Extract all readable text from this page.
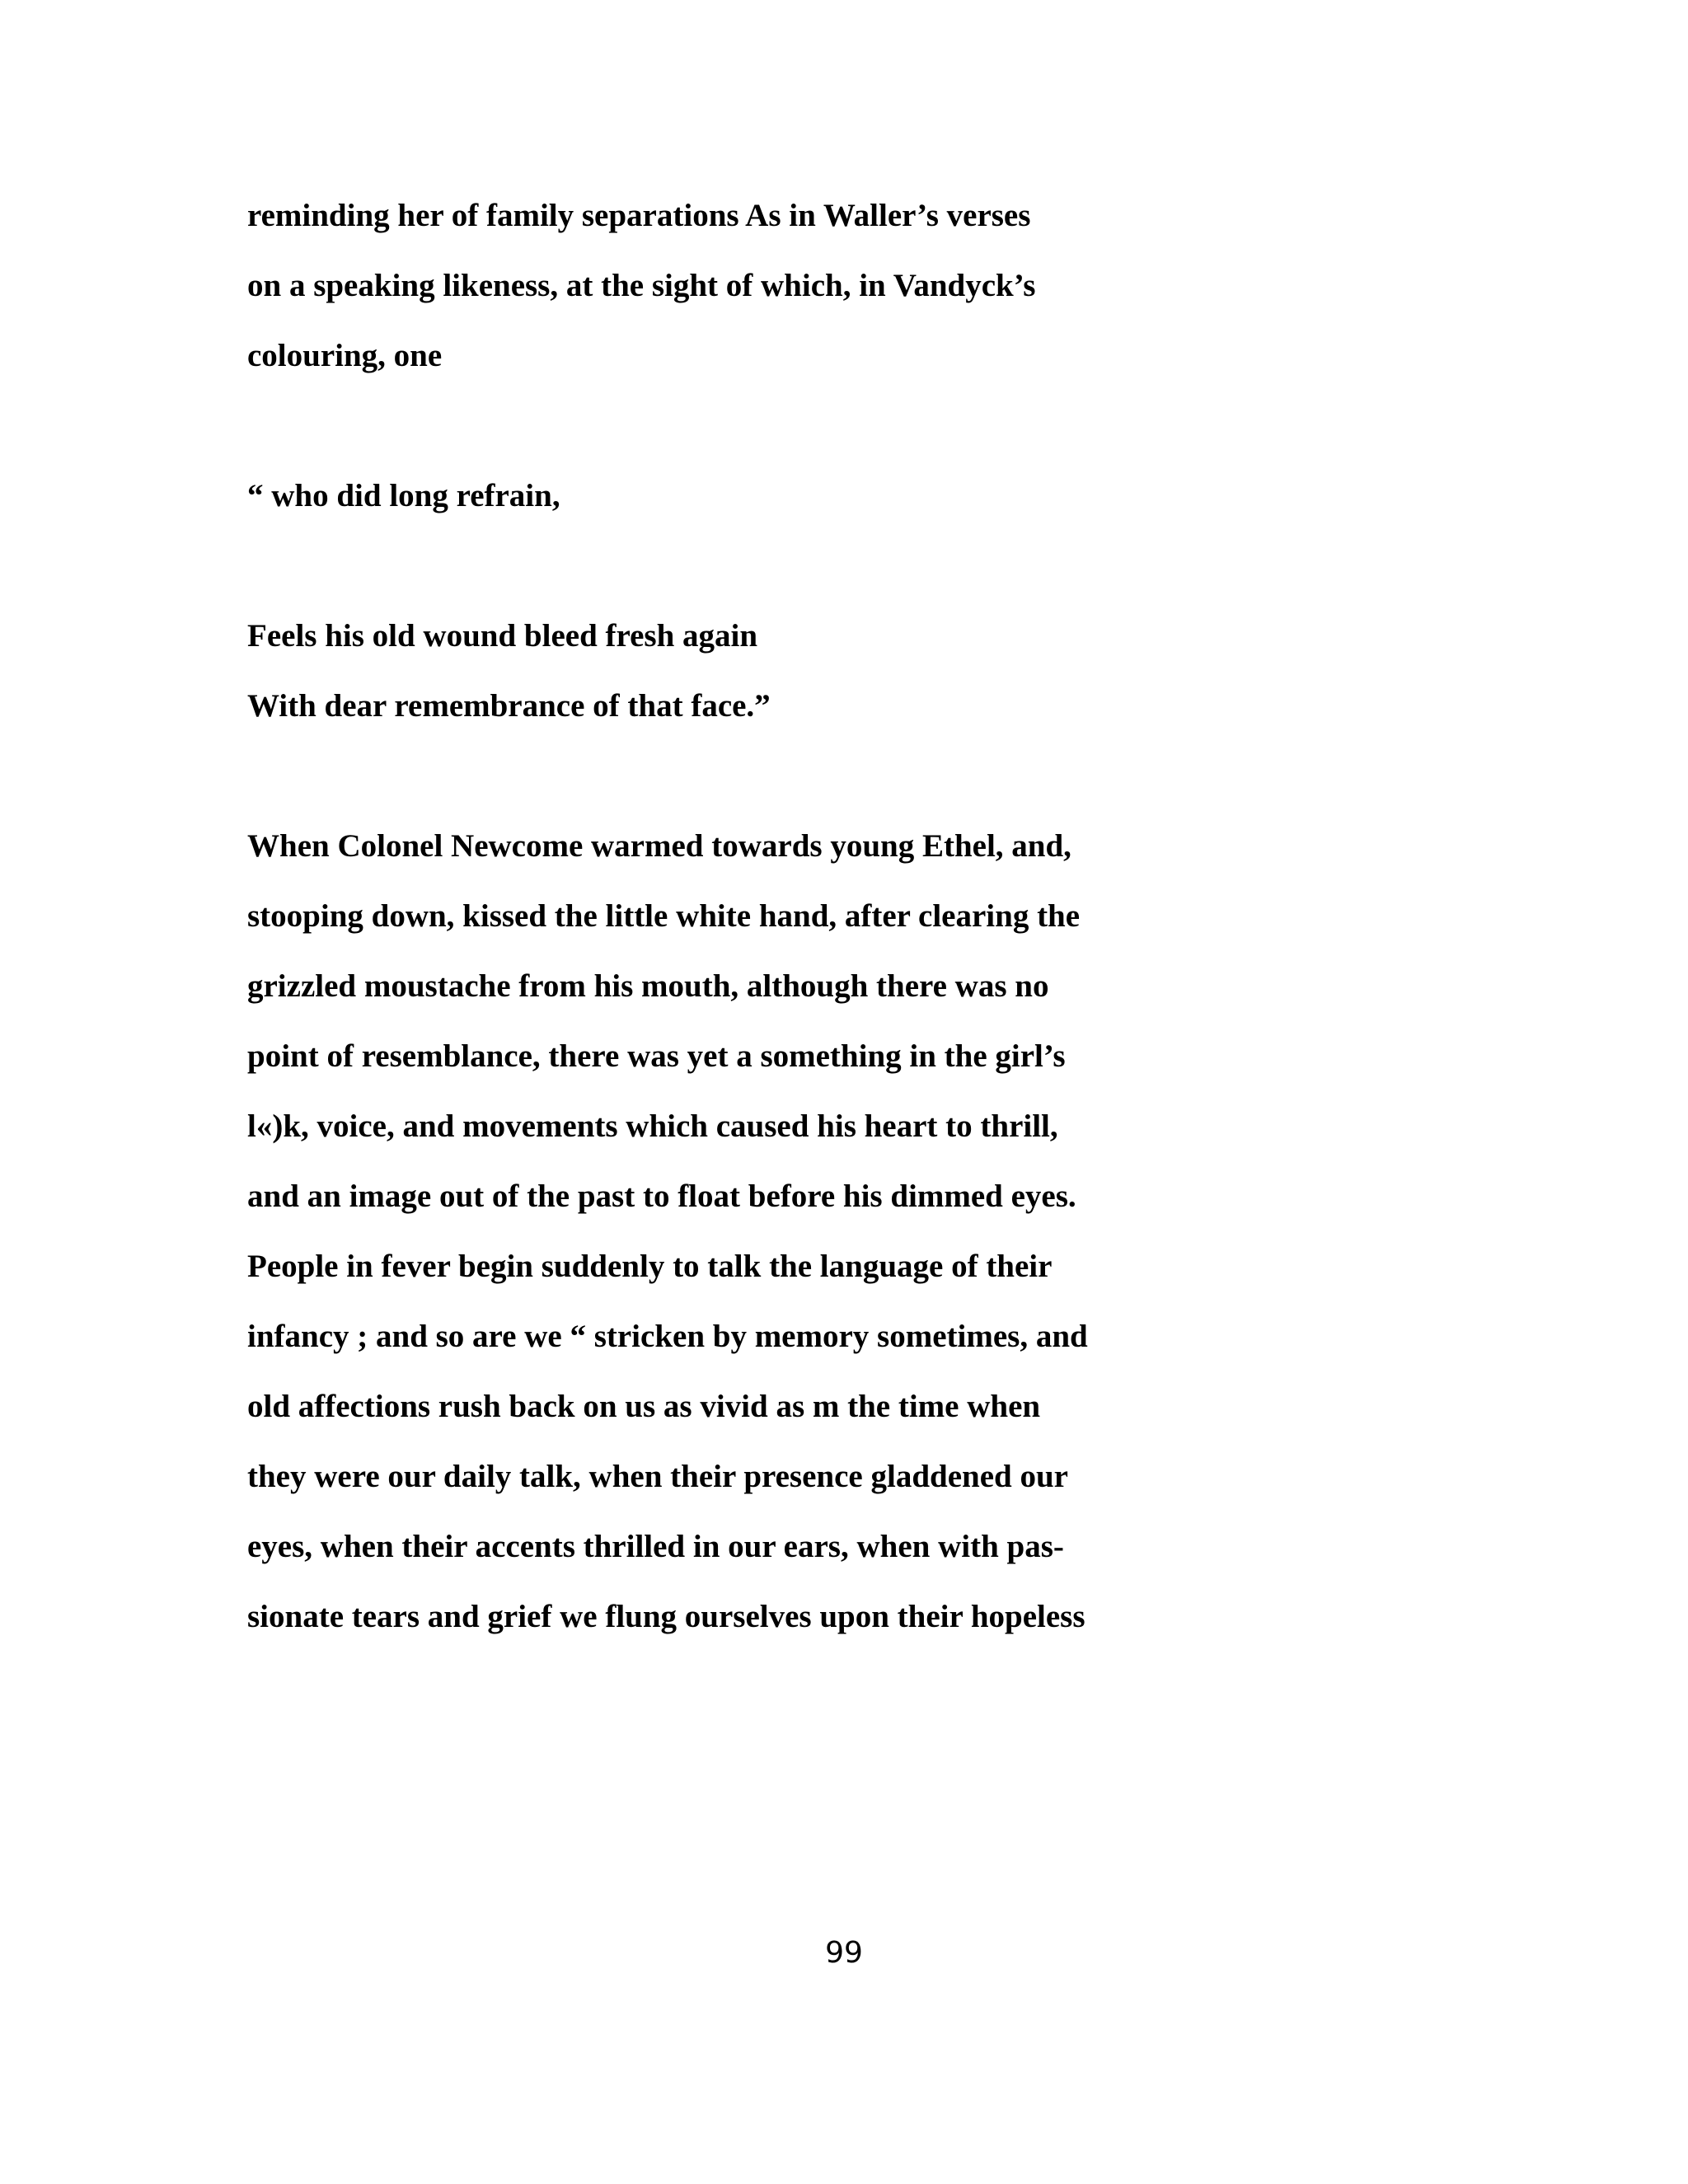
reminding her of family separations As in Waller’s verses
on a speaking likeness, at the sight of which, in Vandyck’s
colouring, one
“ who did long refrain,
Feels his old wound bleed fresh again
With dear remembrance of that face.”
When Colonel Newcome warmed towards young Ethel, and,
stooping down, kissed the little white hand, after clearing the
grizzled moustache from his mouth, although there was no
point of resemblance, there was yet a something in the girl’s
l«)k, voice, and movements which caused his heart to thrill,
and an image out of the past to float before his dimmed eyes.
People in fever begin suddenly to talk the language of their
infancy ; and so are we “ stricken by memory sometimes, and
old affections rush back on us as vivid as m the time when
they were our daily talk, when their presence gladdened our
eyes, when their accents thrilled in our ears, when with pas-
sionate tears and grief we flung ourselves upon their hopeless
99
